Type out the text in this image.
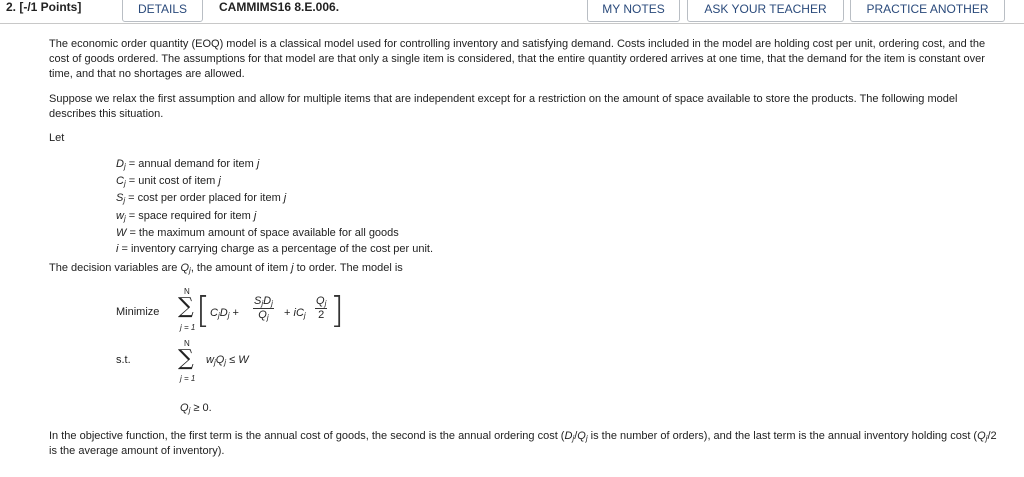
2. [-/1 Points]	DETAILS	CAMMIMS16 8.E.006.	MY NOTES	ASK YOUR TEACHER	PRACTICE ANOTHER

The economic order quantity (EOQ) model is a classical model used for controlling inventory and satisfying demand. Costs included in the model are holding cost per unit, ordering cost, and the cost of goods ordered. The assumptions for that model are that only a single item is considered, that the entire quantity ordered arrives at one time, that the demand for the item is constant over time, and that no shortages are allowed.

Suppose we relax the first assumption and allow for multiple items that are independent except for a restriction on the amount of space available to store the products. The following model describes this situation.

Let
$D_j$ = annual demand for item j
$C_j$ = unit cost of item j
$S_j = \cos t$ per order placed for item j
$w_j$ = space required for item j
W = the maximum amount of space available for all goods
i = inventory carrying charge as a percentage of the cost per unit.
The decision variables are $Q_j$, the amount of item j to order. The model is
Minimize
N
∑
j = 1 [ $C_jD_j$ +
$S_jD_j$
$Q_j$	+ $iC_j \frac{Q_j}{2}$ ]
s.t.
N
∑
j = 1
$w_jQ_j \le W$
$Q_j \ge 0$.

In the objective function, the first term is the annual cost of goods, the second is the annual ordering cost ($D_j/Q_j$ is the number of orders), and the last term is the annual inventory holding cost ($Q_j/2$ is the average amount of inventory).
